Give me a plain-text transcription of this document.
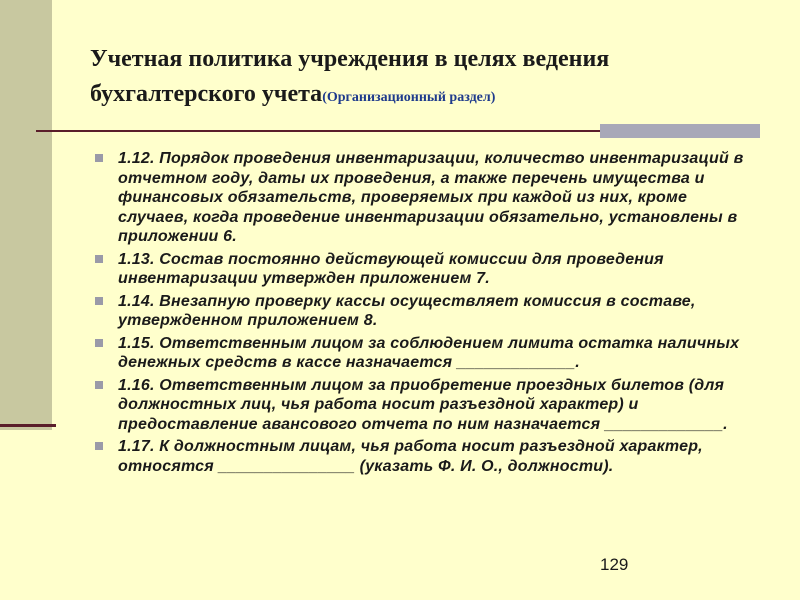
Учетная политика учреждения в целях ведения бухгалтерского учета(Организационный раздел)
1.12. Порядок проведения инвентаризации, количество инвентаризаций в отчетном году, даты их проведения, а также перечень имущества и финансовых обязательств, проверяемых при каждой из них, кроме случаев, когда проведение инвентаризации обязательно, установлены в приложении 6.
1.13. Состав постоянно действующей комиссии для проведения инвентаризации утвержден приложением 7.
1.14. Внезапную проверку кассы осуществляет комиссия в составе, утвержденном приложением 8.
1.15. Ответственным лицом за соблюдением лимита остатка наличных денежных средств в кассе назначается _____________.
1.16. Ответственным лицом за приобретение проездных билетов (для должностных лиц, чья работа носит разъездной характер) и предоставление авансового отчета по ним назначается _____________.
1.17. К должностным лицам, чья работа носит разъездной характер, относятся _______________ (указать Ф. И. О., должности).
129
